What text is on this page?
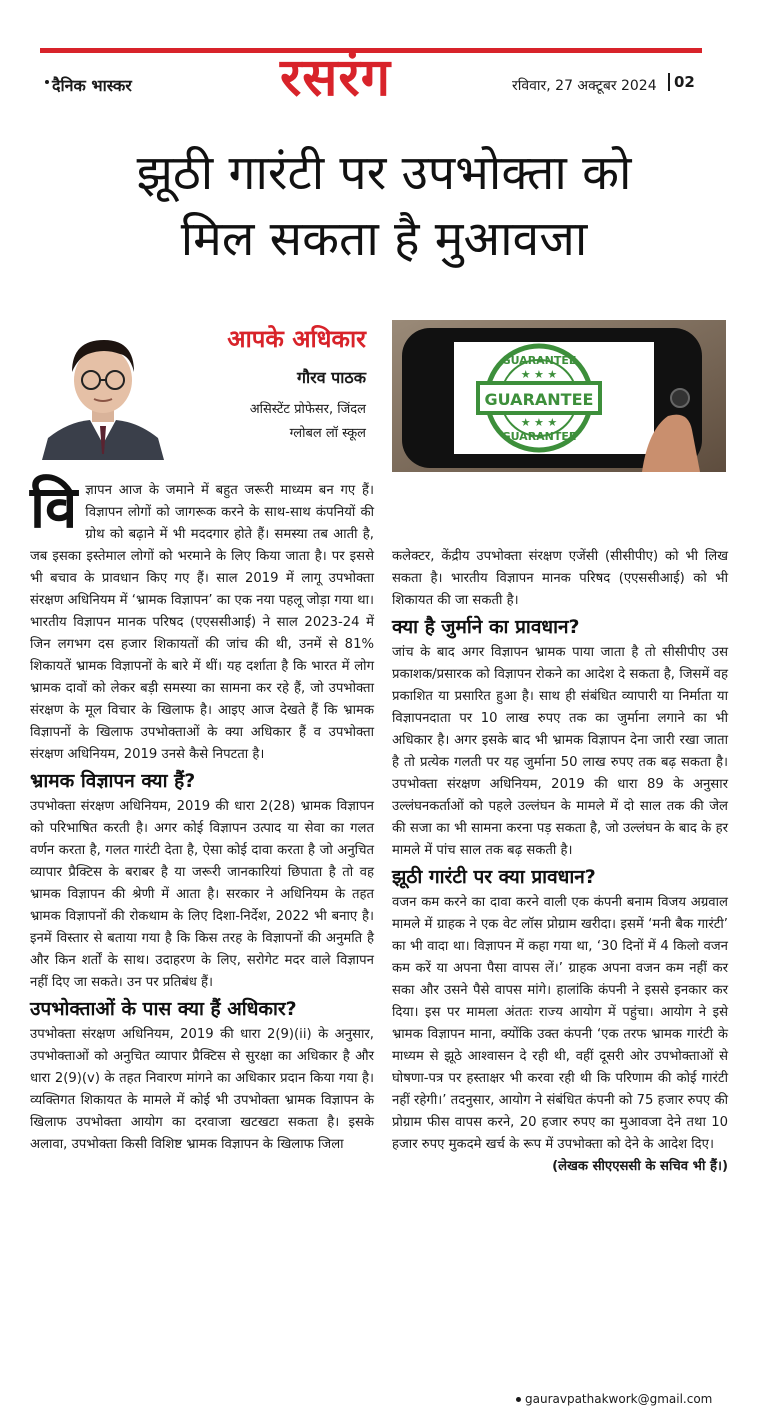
दैनिक भास्कर	रसरंग	रविवार, 27 अक्टूबर 2024	02
झूठी गारंटी पर उपभोक्ता को
मिल सकता है मुआवजा
आपके अधिकार
गौरव पाठक
असिस्टेंट प्रोफेसर, जिंदल
ग्लोबल लॉ स्कूल
GUARANTEE
GUARANTEE
GUARANTEE
★ ★ ★
★ ★ ★

विज्ञापन आज के जमाने में बहुत जरूरी माध्यम बन गए हैं। विज्ञापन लोगों को जागरूक करने के साथ-साथ कंपनियों की ग्रोथ को बढ़ाने में भी मददगार होते हैं। समस्या तब आती है, जब इसका इस्तेमाल लोगों को भरमाने के लिए किया जाता है। पर इससे भी बचाव के प्रावधान किए गए हैं। साल 2019 में लागू उपभोक्ता संरक्षण अधिनियम में ‘भ्रामक विज्ञापन’ का एक नया पहलू जोड़ा गया था। भारतीय विज्ञापन मानक परिषद (एएससीआई) ने साल 2023-24 में जिन लगभग दस हजार शिकायतों की जांच की थी, उनमें से 81% शिकायतें भ्रामक विज्ञापनों के बारे में थीं। यह दर्शाता है कि भारत में लोग भ्रामक दावों को लेकर बड़ी समस्या का सामना कर रहे हैं, जो उपभोक्ता संरक्षण के मूल विचार के खिलाफ है। आइए आज देखते हैं कि भ्रामक विज्ञापनों के खिलाफ उपभोक्ताओं के क्या अधिकार हैं व उपभोक्ता संरक्षण अधिनियम, 2019 उनसे कैसे निपटता है।

भ्रामक विज्ञापन क्या हैं?

उपभोक्ता संरक्षण अधिनियम, 2019 की धारा 2(28) भ्रामक विज्ञापन को परिभाषित करती है। अगर कोई विज्ञापन उत्पाद या सेवा का गलत वर्णन करता है, गलत गारंटी देता है, ऐसा कोई दावा करता है जो अनुचित व्यापार प्रैक्टिस के बराबर है या जरूरी जानकारियां छिपाता है तो वह भ्रामक विज्ञापन की श्रेणी में आता है। सरकार ने अधिनियम के तहत भ्रामक विज्ञापनों की रोकथाम के लिए दिशा-निर्देश, 2022 भी बनाए है। इनमें विस्तार से बताया गया है कि किस तरह के विज्ञापनों की अनुमति है और किन शर्तों के साथ। उदाहरण के लिए, सरोगेट मदर वाले विज्ञापन नहीं दिए जा सकते। उन पर प्रतिबंध हैं।

उपभोक्ताओं के पास क्या हैं अधिकार?

उपभोक्ता संरक्षण अधिनियम, 2019 की धारा 2(9)(ii) के अनुसार, उपभोक्ताओं को अनुचित व्यापार प्रैक्टिस से सुरक्षा का अधिकार है और धारा 2(9)(v) के तहत निवारण मांगने का अधिकार प्रदान किया गया है। व्यक्तिगत शिकायत के मामले में कोई भी उपभोक्ता भ्रामक विज्ञापन के खिलाफ उपभोक्ता आयोग का दरवाजा खटखटा सकता है। इसके अलावा, उपभोक्ता किसी विशिष्ट भ्रामक विज्ञापन के खिलाफ जिला

कलेक्टर, केंद्रीय उपभोक्ता संरक्षण एजेंसी (सीसीपीए) को भी लिख सकता है। भारतीय विज्ञापन मानक परिषद (एएससीआई) को भी शिकायत की जा सकती है।

क्या है जुर्माने का प्रावधान?

जांच के बाद अगर विज्ञापन भ्रामक पाया जाता है तो सीसीपीए उस प्रकाशक/प्रसारक को विज्ञापन रोकने का आदेश दे सकता है, जिसमें वह प्रकाशित या प्रसारित हुआ है। साथ ही संबंधित व्यापारी या निर्माता या विज्ञापनदाता पर 10 लाख रुपए तक का जुर्माना लगाने का भी अधिकार है। अगर इसके बाद भी भ्रामक विज्ञापन देना जारी रखा जाता है तो प्रत्येक गलती पर यह जुर्माना 50 लाख रुपए तक बढ़ सकता है। उपभोक्ता संरक्षण अधिनियम, 2019 की धारा 89 के अनुसार उल्लंघनकर्ताओं को पहले उल्लंघन के मामले में दो साल तक की जेल की सजा का भी सामना करना पड़ सकता है, जो उल्लंघन के बाद के हर मामले में पांच साल तक बढ़ सकती है।

झूठी गारंटी पर क्या प्रावधान?

वजन कम करने का दावा करने वाली एक कंपनी बनाम विजय अग्रवाल मामले में ग्राहक ने एक वेट लॉस प्रोग्राम खरीदा। इसमें ‘मनी बैक गारंटी’ का भी वादा था। विज्ञापन में कहा गया था, ‘30 दिनों में 4 किलो वजन कम करें या अपना पैसा वापस लें।’ ग्राहक अपना वजन कम नहीं कर सका और उसने पैसे वापस मांगे। हालांकि कंपनी ने इससे इनकार कर दिया। इस पर मामला अंततः राज्य आयोग में पहुंचा। आयोग ने इसे भ्रामक विज्ञापन माना, क्योंकि उक्त कंपनी ‘एक तरफ भ्रामक गारंटी के माध्यम से झूठे आश्वासन दे रही थी, वहीं दूसरी ओर उपभोक्ताओं से घोषणा-पत्र पर हस्ताक्षर भी करवा रही थी कि परिणाम की कोई गारंटी नहीं रहेगी।’ तदनुसार, आयोग ने संबंधित कंपनी को 75 हजार रुपए की प्रोग्राम फीस वापस करने, 20 हजार रुपए का मुआवजा देने तथा 10 हजार रुपए मुकदमे खर्च के रूप में उपभोक्ता को देने के आदेश दिए।

(लेखक सीएएससी के सचिव भी हैं।)

gauravpathakwork@gmail.com
